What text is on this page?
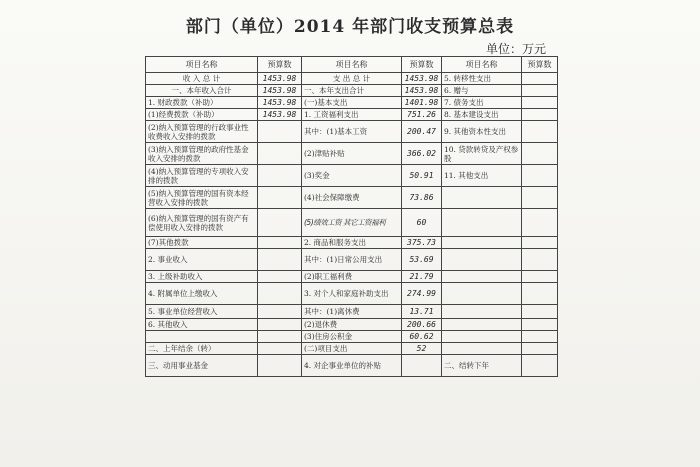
部门（单位）2014 年部门收支预算总表
单位：万元
项目名称	预算数	项目名称	预算数	项目名称	预算数
收 入 总 计	1453.98	支 出 总 计	1453.98	5. 转移性支出	
一、本年收入合计	1453.98	一、本年支出合计	1453.98	6. 赠与	
1. 财政拨款（补助）	1453.98	(一)基本支出	1401.98	7. 债务支出	
(1)经费拨款（补助）	1453.98	1. 工资福利支出	751.26	8. 基本建设支出	
(2)纳入预算管理的行政事业性收费收入安排的拨款		其中：(1)基本工资	200.47	9. 其他资本性支出	
(3)纳入预算管理的政府性基金收入安排的拨款		(2)津贴补贴	366.02	10. 贷款转贷及产权参股	
(4)纳入预算管理的专项收入安排的拨款		(3)奖金	50.91	11. 其他支出	
(5)纳入预算管理的国有资本经营收入安排的拨款		(4)社会保障缴费	73.86		
(6)纳入预算管理的国有资产有偿使用收入安排的拨款		(5)绩效工资 其它工资福利	60		
(7)其他拨款		2. 商品和服务支出	375.73		
2. 事业收入		其中：(1)日常公用支出	53.69		
3. 上级补助收入		(2)职工福利费	21.79		
4. 附属单位上缴收入		3. 对个人和家庭补助支出	274.99		
5. 事业单位经营收入		其中：(1)离休费	13.71		
6. 其他收入		(2)退休费	200.66		
		(3)住房公积金	60.62		
二、上年结余（转）		(二)项目支出	52		
三、动用事业基金		4. 对企事业单位的补贴		二、结转下年	
